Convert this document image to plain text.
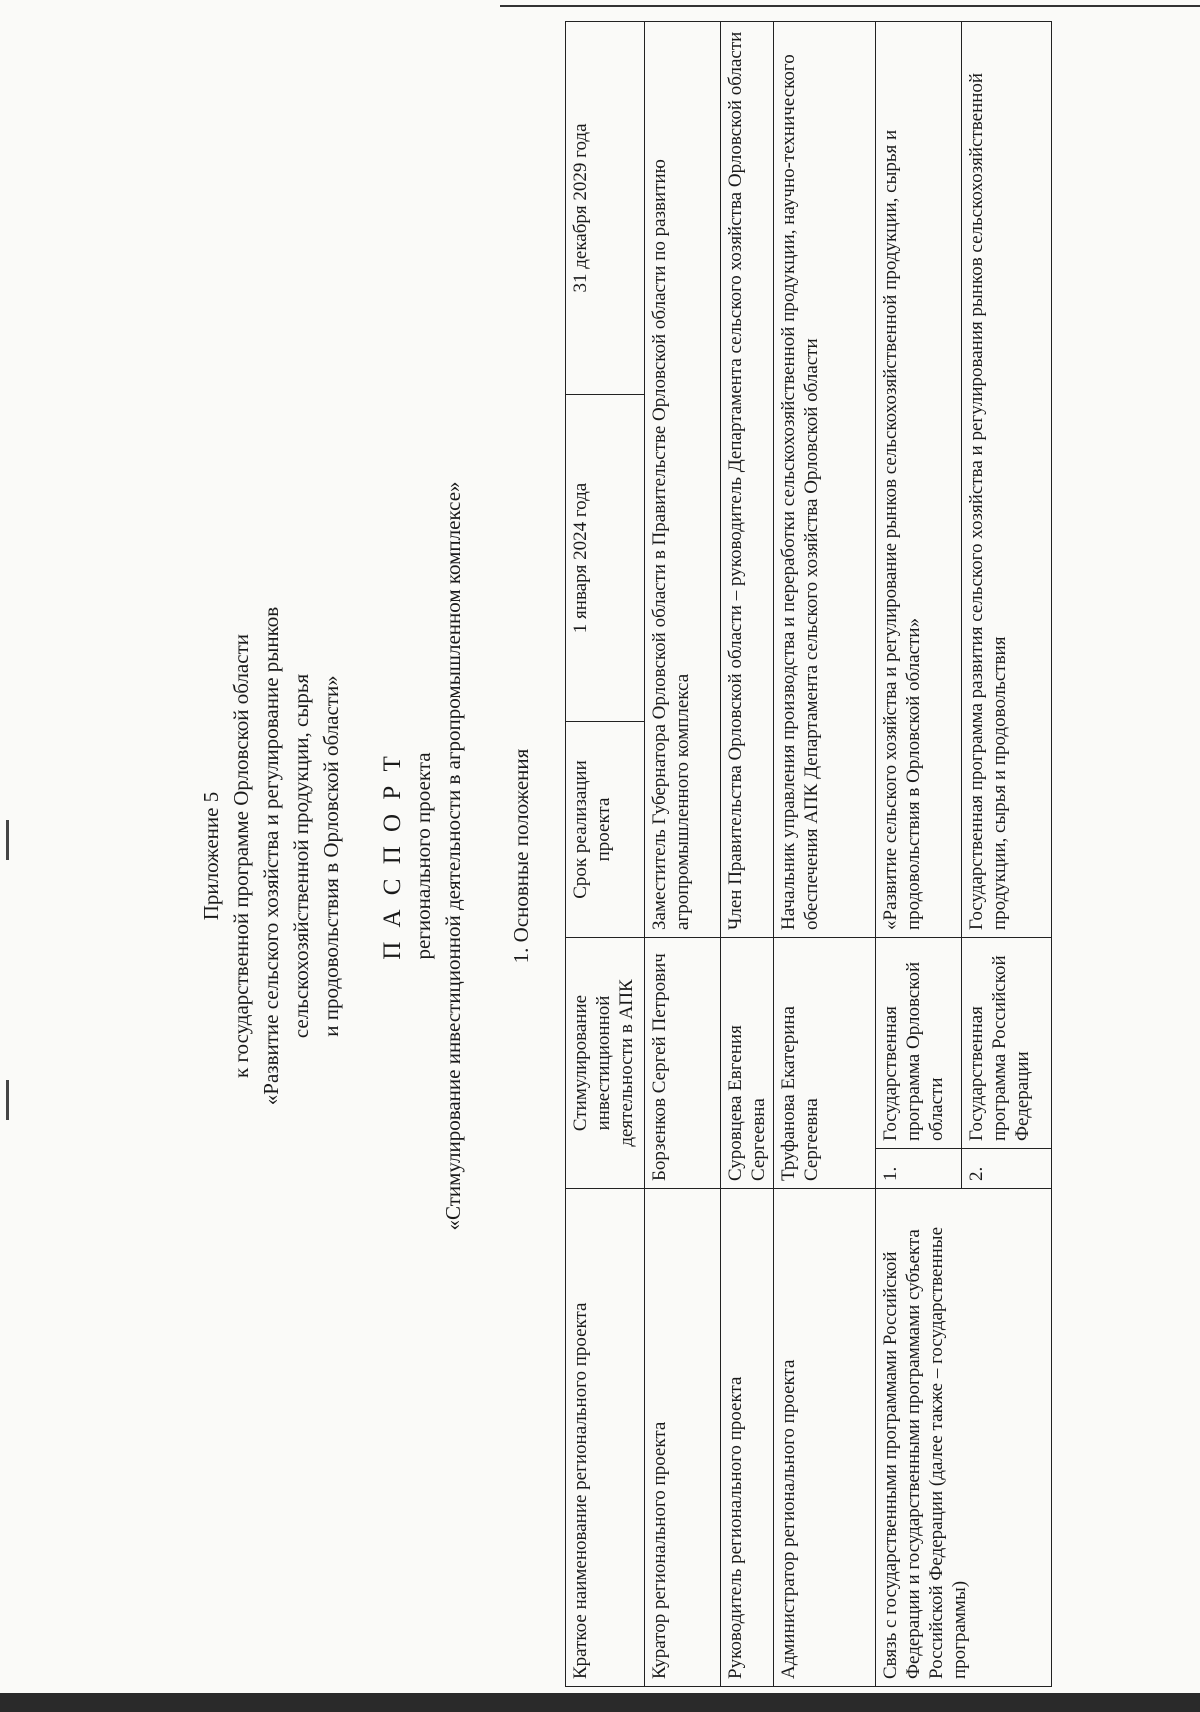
Приложение 5 к государственной программе Орловской области «Развитие сельского хозяйства и регулирование рынков сельскохозяйственной продукции, сырья и продовольствия в Орловской области» П А С П О Р Т регионального проекта «Стимулирование инвестиционной деятельности в агропромышленном комплексе» 1. Основные положения
Краткое наименование регионального проекта	Стимулирование инвестиционной деятельности в АПК		Срок реализации проекта	1 января 2024 года	31 декабря 2029 года
Куратор регионального проекта	Борзенков Сергей Петрович		Заместитель Губернатора Орловской области в Правительстве Орловской области по развитию агропромышленного комплекса		
Руководитель регионального проекта	Суровцева Евгения Сергеевна		Член Правительства Орловской области – руководитель Департамента сельского хозяйства Орловской области		
Администратор регионального проекта	Труфанова Екатерина Сергеевна		Начальник управления производства и переработки сельскохозяйственной продукции, научно-технического обеспечения АПК Департамента сельского хозяйства Орловской области		
Связь с государственными программами Российской Федерации и государственными программами субъекта Российской Федерации (далее также – государственные программы)	1.	Государственная программа Орловской области	«Развитие сельского хозяйства и регулирование рынков сельскохозяйственной продукции, сырья и продовольствия в Орловской области»		
	2.	Государственная программа Российской Федерации	Государственная программа развития сельского хозяйства и регулирования рынков сельскохозяйственной продукции, сырья и продовольствия		
